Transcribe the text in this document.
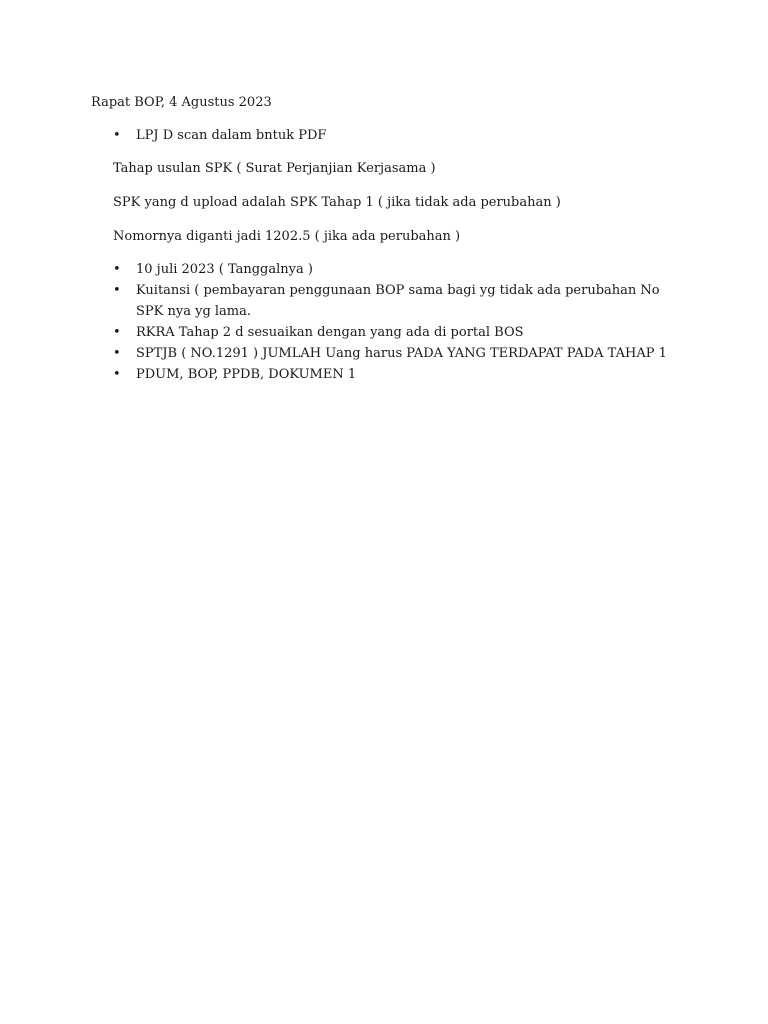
Rapat BOP, 4 Agustus 2023

• LPJ D scan dalam bntuk PDF

Tahap usulan SPK ( Surat Perjanjian Kerjasama )

SPK yang d upload adalah SPK Tahap 1 ( jika tidak ada perubahan )

Nomornya diganti jadi 1202.5 ( jika ada perubahan )

• 10 juli 2023 ( Tanggalnya )
• Kuitansi ( pembayaran penggunaan BOP sama bagi yg tidak ada perubahan No SPK nya yg lama.
• RKRA Tahap 2 d sesuaikan dengan yang ada di portal BOS
• SPTJB ( NO.1291 ) JUMLAH Uang harus PADA YANG TERDAPAT PADA TAHAP 1
• PDUM, BOP, PPDB, DOKUMEN 1
